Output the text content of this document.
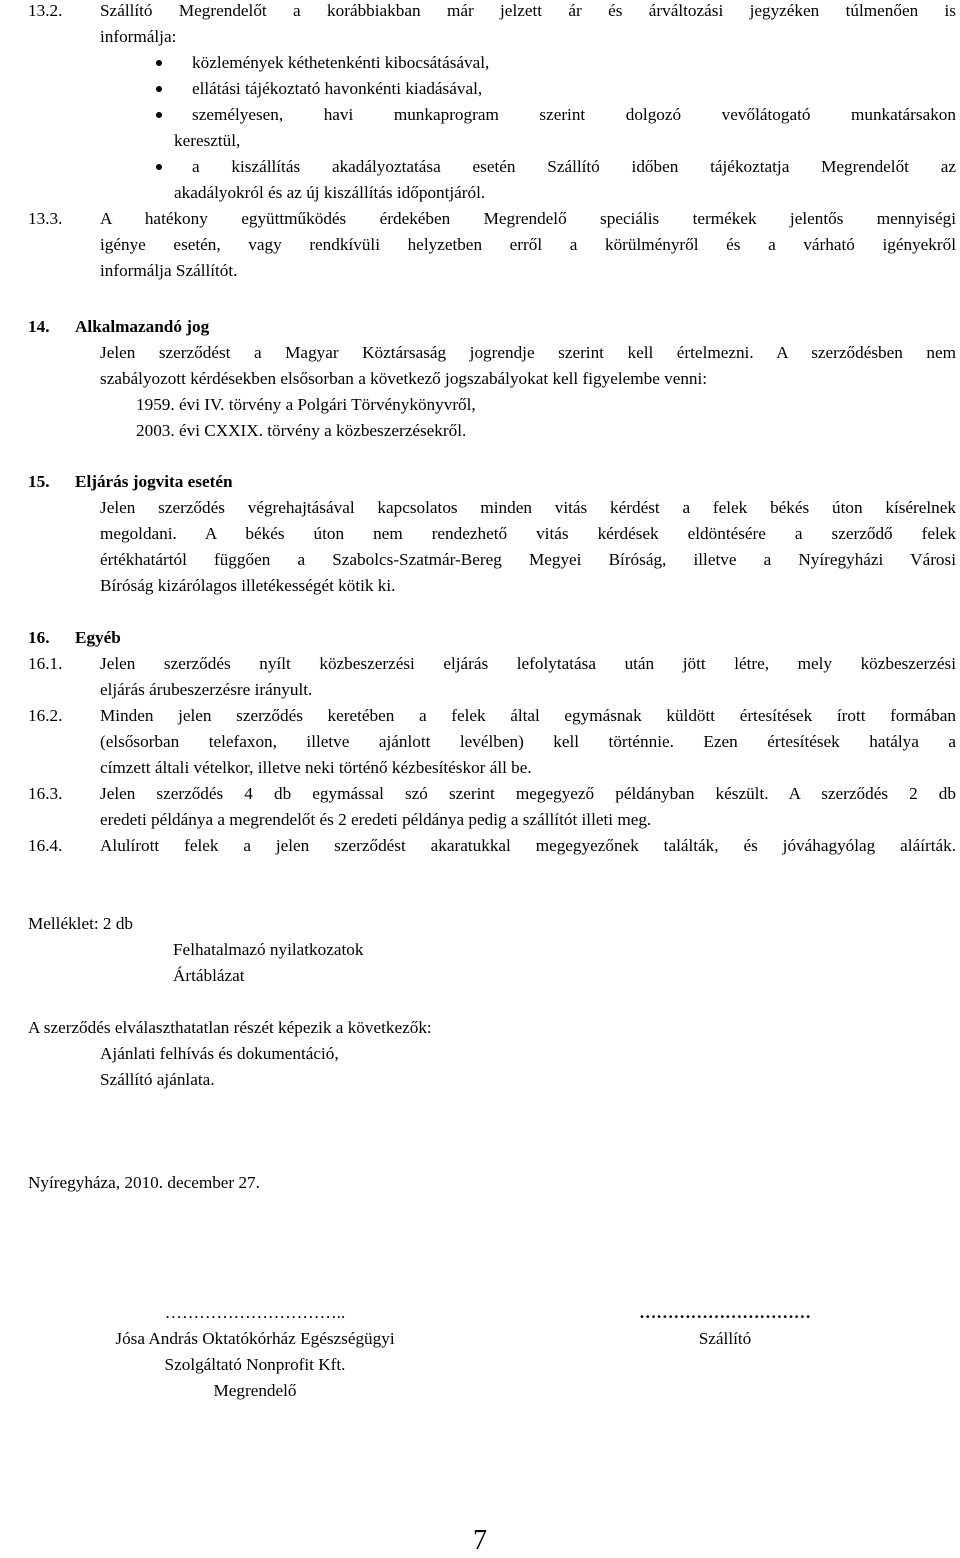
13.2. Szállító Megrendelőt a korábbiakban már jelzett ár és árváltozási jegyzéken túlmenően is
informálja:
közlemények kéthetenkénti kibocsátásával,
ellátási tájékoztató havonkénti kiadásával,
személyesen, havi munkaprogram szerint dolgozó vevőlátogató munkatársakon
keresztül,
a kiszállítás akadályoztatása esetén Szállító időben tájékoztatja Megrendelőt az
akadályokról és az új kiszállítás időpontjáról.
13.3. A hatékony együttműködés érdekében Megrendelő speciális termékek jelentős mennyiségi
igénye esetén, vagy rendkívüli helyzetben erről a körülményről és a várható igényekről
informálja Szállítót.
14. Alkalmazandó jog
Jelen szerződést a Magyar Köztársaság jogrendje szerint kell értelmezni. A szerződésben nem
szabályozott kérdésekben elsősorban a következő jogszabályokat kell figyelembe venni:
1959. évi IV. törvény a Polgári Törvénykönyvről,
2003. évi CXXIX. törvény a közbeszerzésekről.
15. Eljárás jogvita esetén
Jelen szerződés végrehajtásával kapcsolatos minden vitás kérdést a felek békés úton kísérelnek
megoldani. A békés úton nem rendezhető vitás kérdések eldöntésére a szerződő felek
értékhatártól függően a Szabolcs-Szatmár-Bereg Megyei Bíróság, illetve a Nyíregyházi Városi
Bíróság kizárólagos illetékességét kötik ki.
16. Egyéb
16.1. Jelen szerződés nyílt közbeszerzési eljárás lefolytatása után jött létre, mely közbeszerzési
eljárás árubeszerzésre irányult.
16.2. Minden jelen szerződés keretében a felek által egymásnak küldött értesítések írott formában
(elsősorban telefaxon, illetve ajánlott levélben) kell történnie. Ezen értesítések hatálya a
címzett általi vételkor, illetve neki történő kézbesítéskor áll be.
16.3. Jelen szerződés 4 db egymással szó szerint megegyező példányban készült. A szerződés 2 db
eredeti példánya a megrendelőt és 2 eredeti példánya pedig a szállítót illeti meg.
16.4. Alulírott felek a jelen szerződést akaratukkal megegyezőnek találták, és jóváhagyólag aláírták.
Melléklet: 2 db
Felhatalmazó nyilatkozatok
Ártáblázat
A szerződés elválaszthatatlan részét képezik a következők:
Ajánlati felhívás és dokumentáció,
Szállító ajánlata.
Nyíregyháza, 2010. december 27.
…………………………..
Jósa András Oktatókórház Egészségügyi
Szolgáltató Nonprofit Kft.
Megrendelő
…………………………
Szállító
7
